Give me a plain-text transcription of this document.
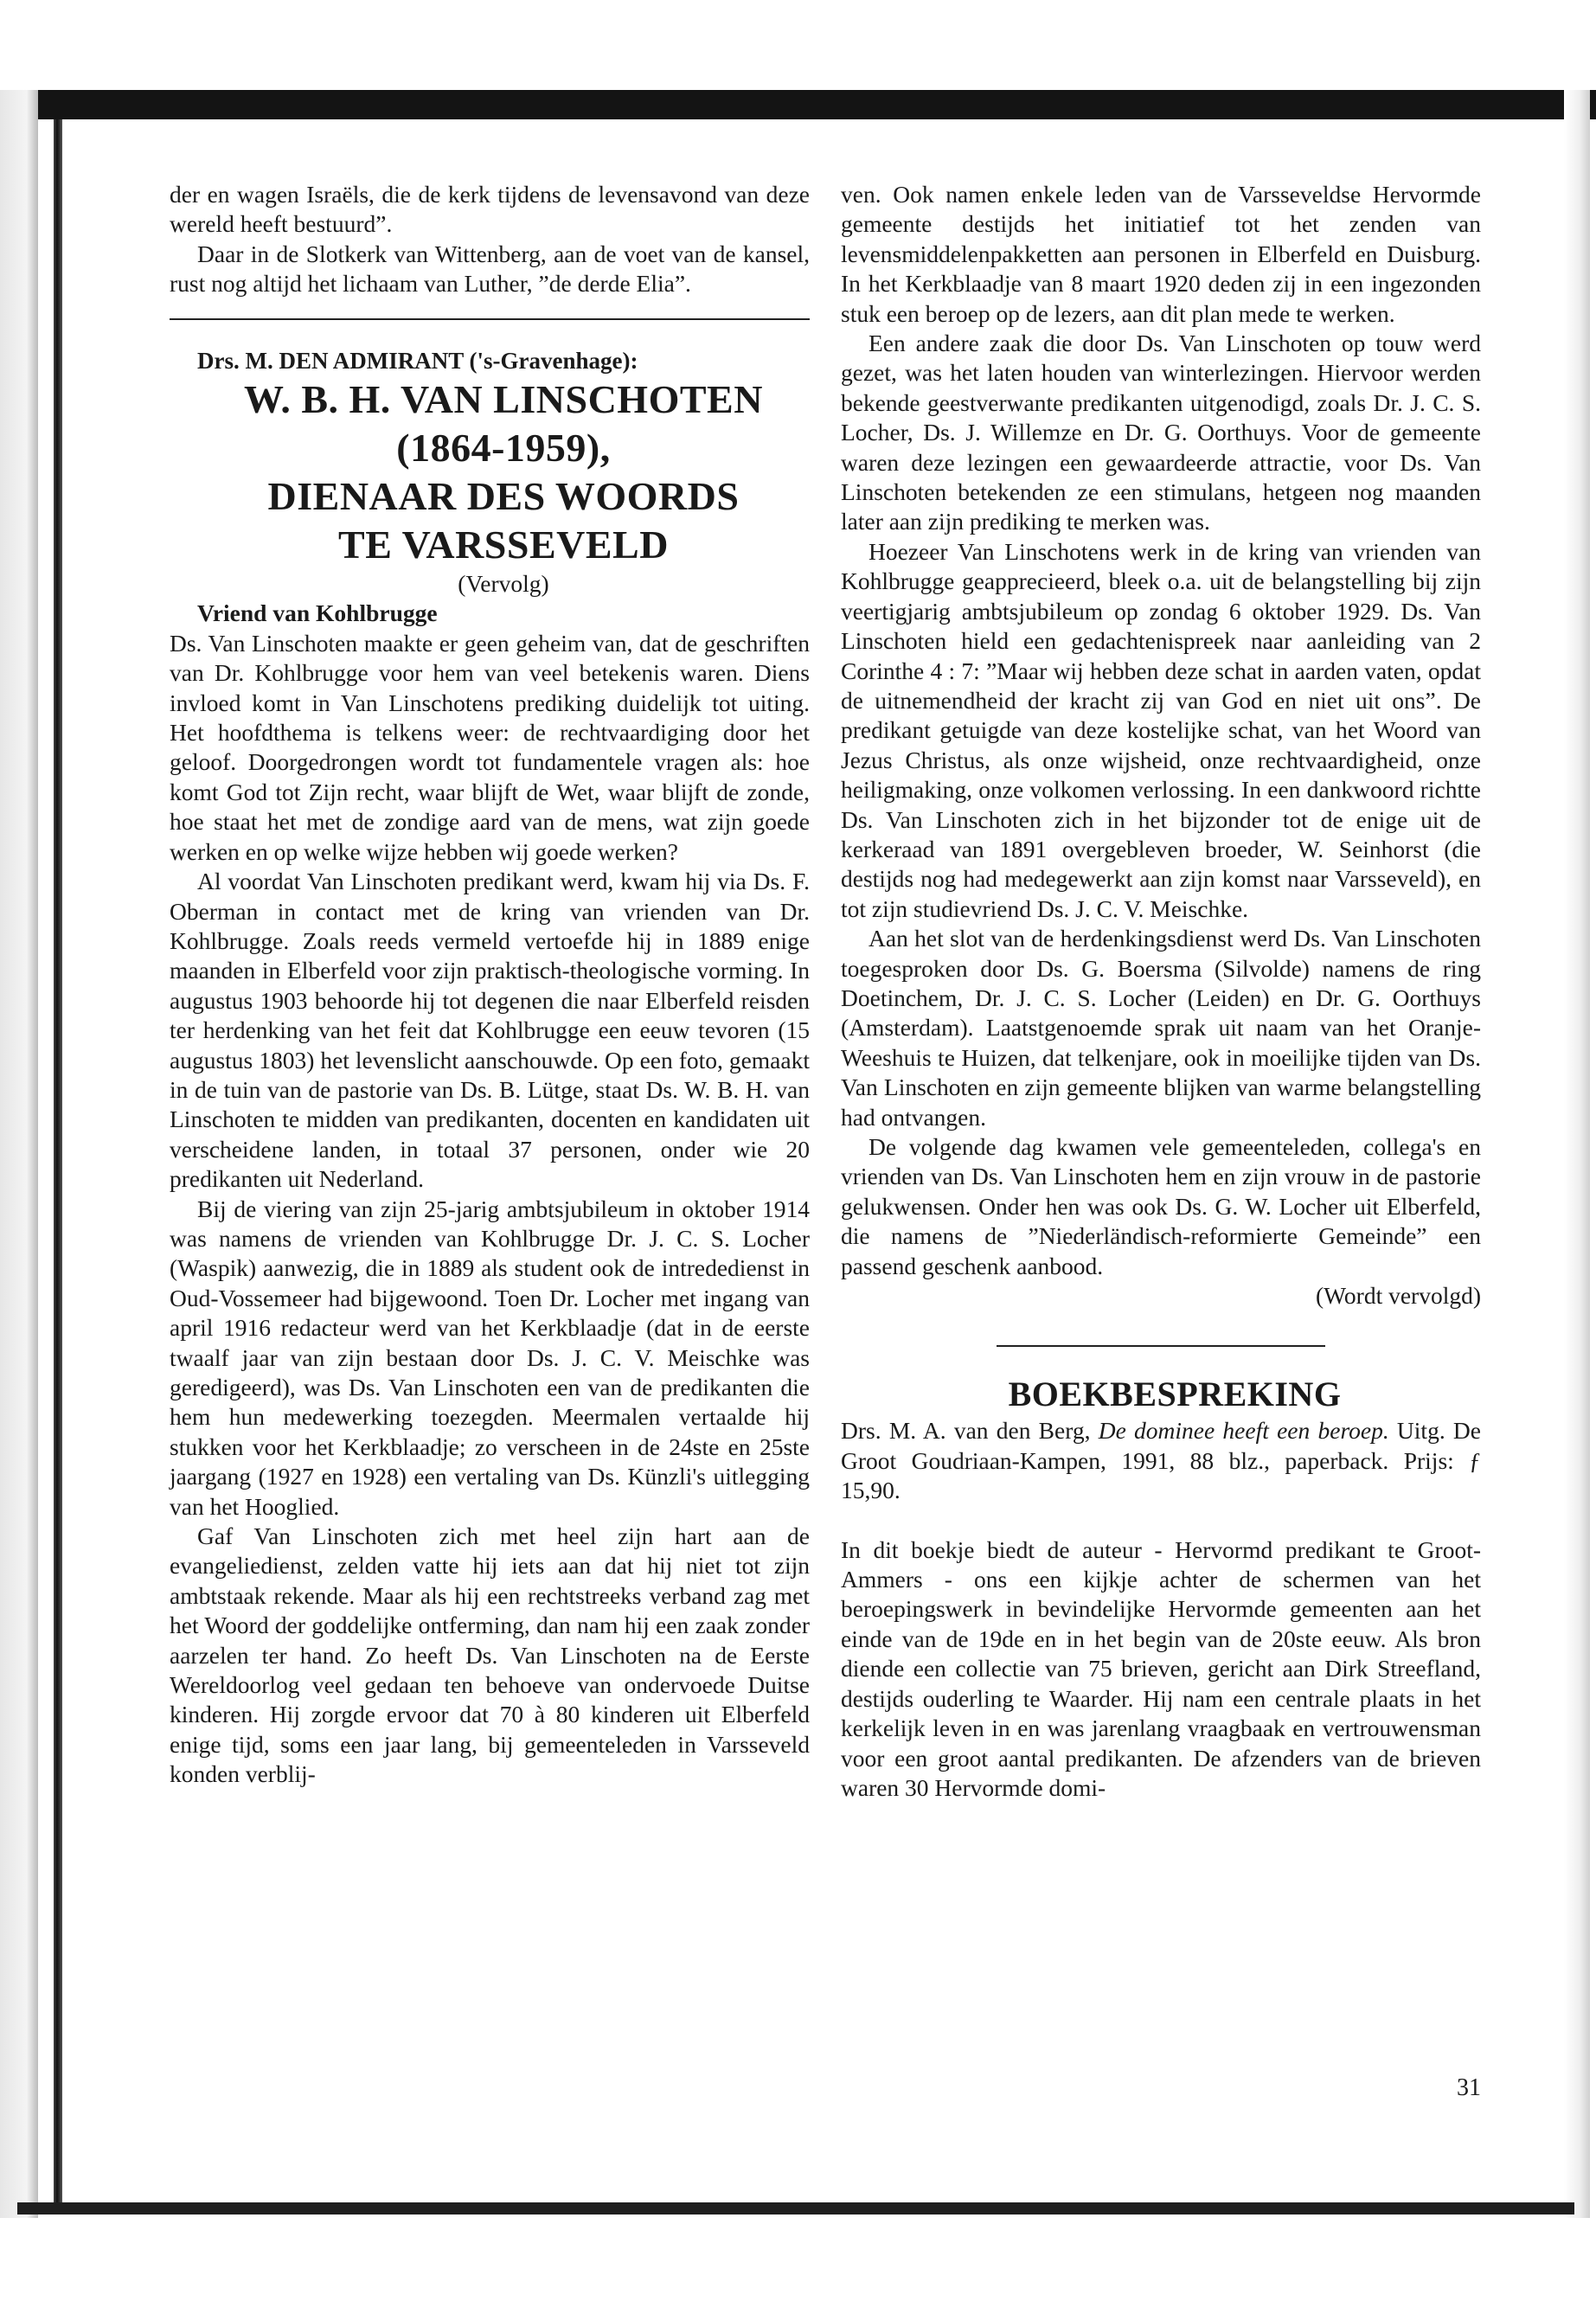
der en wagen Israëls, die de kerk tijdens de levensavond van deze wereld heeft bestuurd”.

Daar in de Slotkerk van Wittenberg, aan de voet van de kansel, rust nog altijd het lichaam van Luther, ”de derde Elia”.

Drs. M. DEN ADMIRANT ('s-Gravenhage):

W. B. H. VAN LINSCHOTEN

(1864-1959),

DIENAAR DES WOORDS

TE VARSSEVELD

(Vervolg)

Vriend van Kohlbrugge

Ds. Van Linschoten maakte er geen geheim van, dat de geschriften van Dr. Kohlbrugge voor hem van veel betekenis waren. Diens invloed komt in Van Linschotens prediking duidelijk tot uiting. Het hoofdthema is telkens weer: de rechtvaardiging door het geloof. Doorgedrongen wordt tot fundamentele vragen als: hoe komt God tot Zijn recht, waar blijft de Wet, waar blijft de zonde, hoe staat het met de zondige aard van de mens, wat zijn goede werken en op welke wijze hebben wij goede werken?

Al voordat Van Linschoten predikant werd, kwam hij via Ds. F. Oberman in contact met de kring van vrienden van Dr. Kohlbrugge. Zoals reeds vermeld vertoefde hij in 1889 enige maanden in Elberfeld voor zijn praktisch-theologische vorming. In augustus 1903 behoorde hij tot degenen die naar Elberfeld reisden ter herdenking van het feit dat Kohlbrugge een eeuw tevoren (15 augustus 1803) het levenslicht aanschouwde. Op een foto, gemaakt in de tuin van de pastorie van Ds. B. Lütge, staat Ds. W. B. H. van Linschoten te midden van predikanten, docenten en kandidaten uit verscheidene landen, in totaal 37 personen, onder wie 20 predikanten uit Nederland.

Bij de viering van zijn 25-jarig ambtsjubileum in oktober 1914 was namens de vrienden van Kohlbrugge Dr. J. C. S. Locher (Waspik) aanwezig, die in 1889 als student ook de intrededienst in Oud-Vossemeer had bijgewoond. Toen Dr. Locher met ingang van april 1916 redacteur werd van het Kerkblaadje (dat in de eerste twaalf jaar van zijn bestaan door Ds. J. C. V. Meischke was geredigeerd), was Ds. Van Linschoten een van de predikanten die hem hun medewerking toezegden. Meermalen vertaalde hij stukken voor het Kerkblaadje; zo verscheen in de 24ste en 25ste jaargang (1927 en 1928) een vertaling van Ds. Künzli's uitlegging van het Hooglied.

Gaf Van Linschoten zich met heel zijn hart aan de evangeliedienst, zelden vatte hij iets aan dat hij niet tot zijn ambtstaak rekende. Maar als hij een rechtstreeks verband zag met het Woord der goddelijke ontferming, dan nam hij een zaak zonder aarzelen ter hand. Zo heeft Ds. Van Linschoten na de Eerste Wereldoorlog veel gedaan ten behoeve van ondervoede Duitse kinderen. Hij zorgde ervoor dat 70 à 80 kinderen uit Elberfeld enige tijd, soms een jaar lang, bij gemeenteleden in Varsseveld konden verblij-

ven. Ook namen enkele leden van de Varsseveldse Hervormde gemeente destijds het initiatief tot het zenden van levensmiddelenpakketten aan personen in Elberfeld en Duisburg. In het Kerkblaadje van 8 maart 1920 deden zij in een ingezonden stuk een beroep op de lezers, aan dit plan mede te werken.

Een andere zaak die door Ds. Van Linschoten op touw werd gezet, was het laten houden van winterlezingen. Hiervoor werden bekende geestverwante predikanten uitgenodigd, zoals Dr. J. C. S. Locher, Ds. J. Willemze en Dr. G. Oorthuys. Voor de gemeente waren deze lezingen een gewaardeerde attractie, voor Ds. Van Linschoten betekenden ze een stimulans, hetgeen nog maanden later aan zijn prediking te merken was.

Hoezeer Van Linschotens werk in de kring van vrienden van Kohlbrugge geapprecieerd, bleek o.a. uit de belangstelling bij zijn veertigjarig ambtsjubileum op zondag 6 oktober 1929. Ds. Van Linschoten hield een gedachtenispreek naar aanleiding van 2 Corinthe 4 : 7: ”Maar wij hebben deze schat in aarden vaten, opdat de uitnemendheid der kracht zij van God en niet uit ons”. De predikant getuigde van deze kostelijke schat, van het Woord van Jezus Christus, als onze wijsheid, onze rechtvaardigheid, onze heiligmaking, onze volkomen verlossing. In een dankwoord richtte Ds. Van Linschoten zich in het bijzonder tot de enige uit de kerkeraad van 1891 overgebleven broeder, W. Seinhorst (die destijds nog had medegewerkt aan zijn komst naar Varsseveld), en tot zijn studievriend Ds. J. C. V. Meischke.

Aan het slot van de herdenkingsdienst werd Ds. Van Linschoten toegesproken door Ds. G. Boersma (Silvolde) namens de ring Doetinchem, Dr. J. C. S. Locher (Leiden) en Dr. G. Oorthuys (Amsterdam). Laatstgenoemde sprak uit naam van het Oranje-Weeshuis te Huizen, dat telkenjare, ook in moeilijke tijden van Ds. Van Linschoten en zijn gemeente blijken van warme belangstelling had ontvangen.

De volgende dag kwamen vele gemeenteleden, collega's en vrienden van Ds. Van Linschoten hem en zijn vrouw in de pastorie gelukwensen. Onder hen was ook Ds. G. W. Locher uit Elberfeld, die namens de ”Niederländisch-reformierte Gemeinde” een passend geschenk aanbood.

(Wordt vervolgd)

BOEKBESPREKING

Drs. M. A. van den Berg, De dominee heeft een beroep. Uitg. De Groot Goudriaan-Kampen, 1991, 88 blz., paperback. Prijs: ƒ 15,90.

In dit boekje biedt de auteur - Hervormd predikant te Groot-Ammers - ons een kijkje achter de schermen van het beroepingswerk in bevindelijke Hervormde gemeenten aan het einde van de 19de en in het begin van de 20ste eeuw. Als bron diende een collectie van 75 brieven, gericht aan Dirk Streefland, destijds ouderling te Waarder. Hij nam een centrale plaats in het kerkelijk leven in en was jarenlang vraagbaak en vertrouwensman voor een groot aantal predikanten. De afzenders van de brieven waren 30 Hervormde domi-

31
